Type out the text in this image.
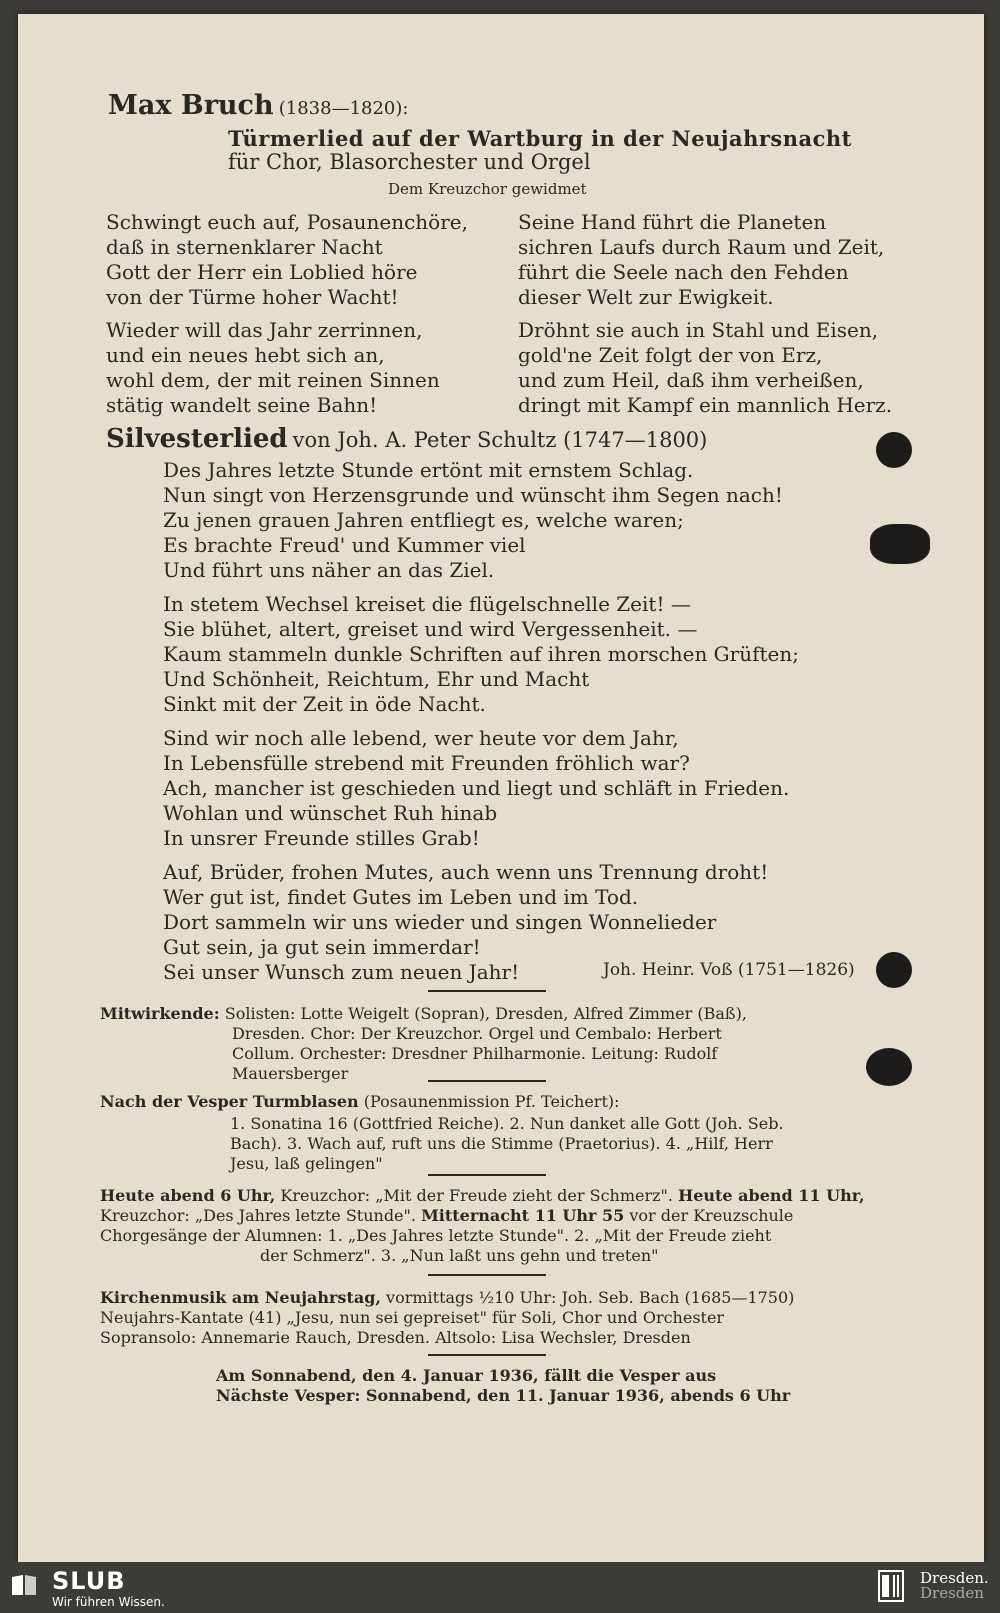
Max Bruch (1838—1820):
Türmerlied auf der Wartburg in der Neujahrsnacht
für Chor, Blasorchester und Orgel
Dem Kreuzchor gewidmet
Schwingt euch auf, Posaunenchöre,
daß in sternenklarer Nacht
Gott der Herr ein Loblied höre
von der Türme hoher Wacht!
Wieder will das Jahr zerrinnen,
und ein neues hebt sich an,
wohl dem, der mit reinen Sinnen
stätig wandelt seine Bahn!
Seine Hand führt die Planeten
sichren Laufs durch Raum und Zeit,
führt die Seele nach den Fehden
dieser Welt zur Ewigkeit.
Dröhnt sie auch in Stahl und Eisen,
gold'ne Zeit folgt der von Erz,
und zum Heil, daß ihm verheißen,
dringt mit Kampf ein mannlich Herz.
Silvesterlied von Joh. A. Peter Schultz (1747—1800)
Des Jahres letzte Stunde ertönt mit ernstem Schlag.
Nun singt von Herzensgrunde und wünscht ihm Segen nach!
Zu jenen grauen Jahren entfliegt es, welche waren;
Es brachte Freud' und Kummer viel
Und führt uns näher an das Ziel.
In stetem Wechsel kreiset die flügelschnelle Zeit! —
Sie blühet, altert, greiset und wird Vergessenheit. —
Kaum stammeln dunkle Schriften auf ihren morschen Grüften;
Und Schönheit, Reichtum, Ehr und Macht
Sinkt mit der Zeit in öde Nacht.
Sind wir noch alle lebend, wer heute vor dem Jahr,
In Lebensfülle strebend mit Freunden fröhlich war?
Ach, mancher ist geschieden und liegt und schläft in Frieden.
Wohlan und wünschet Ruh hinab
In unsrer Freunde stilles Grab!
Auf, Brüder, frohen Mutes, auch wenn uns Trennung droht!
Wer gut ist, findet Gutes im Leben und im Tod.
Dort sammeln wir uns wieder und singen Wonnelieder
Gut sein, ja gut sein immerdar!
Sei unser Wunsch zum neuen Jahr!	Joh. Heinr. Voß (1751—1826)
Mitwirkende: Solisten: Lotte Weigelt (Sopran), Dresden, Alfred Zimmer (Baß),
Dresden. Chor: Der Kreuzchor. Orgel und Cembalo: Herbert
Collum. Orchester: Dresdner Philharmonie. Leitung: Rudolf
Mauersberger
Nach der Vesper Turmblasen (Posaunenmission Pf. Teichert):
1. Sonatina 16 (Gottfried Reiche). 2. Nun danket alle Gott (Joh. Seb.
Bach). 3. Wach auf, ruft uns die Stimme (Praetorius). 4. „Hilf, Herr
Jesu, laß gelingen"
Heute abend 6 Uhr, Kreuzchor: „Mit der Freude zieht der Schmerz". Heute abend 11 Uhr,
Kreuzchor: „Des Jahres letzte Stunde". Mitternacht 11 Uhr 55 vor der Kreuzschule
Chorgesänge der Alumnen: 1. „Des Jahres letzte Stunde". 2. „Mit der Freude zieht
der Schmerz". 3. „Nun laßt uns gehn und treten"
Kirchenmusik am Neujahrstag, vormittags ½10 Uhr: Joh. Seb. Bach (1685—1750)
Neujahrs-Kantate (41) „Jesu, nun sei gepreiset" für Soli, Chor und Orchester
Sopransolo: Annemarie Rauch, Dresden. Altsolo: Lisa Wechsler, Dresden
Am Sonnabend, den 4. Januar 1936, fällt die Vesper aus
Nächste Vesper: Sonnabend, den 11. Januar 1936, abends 6 Uhr
SLUB
Wir führen Wissen.
Dresden.
Dresden
